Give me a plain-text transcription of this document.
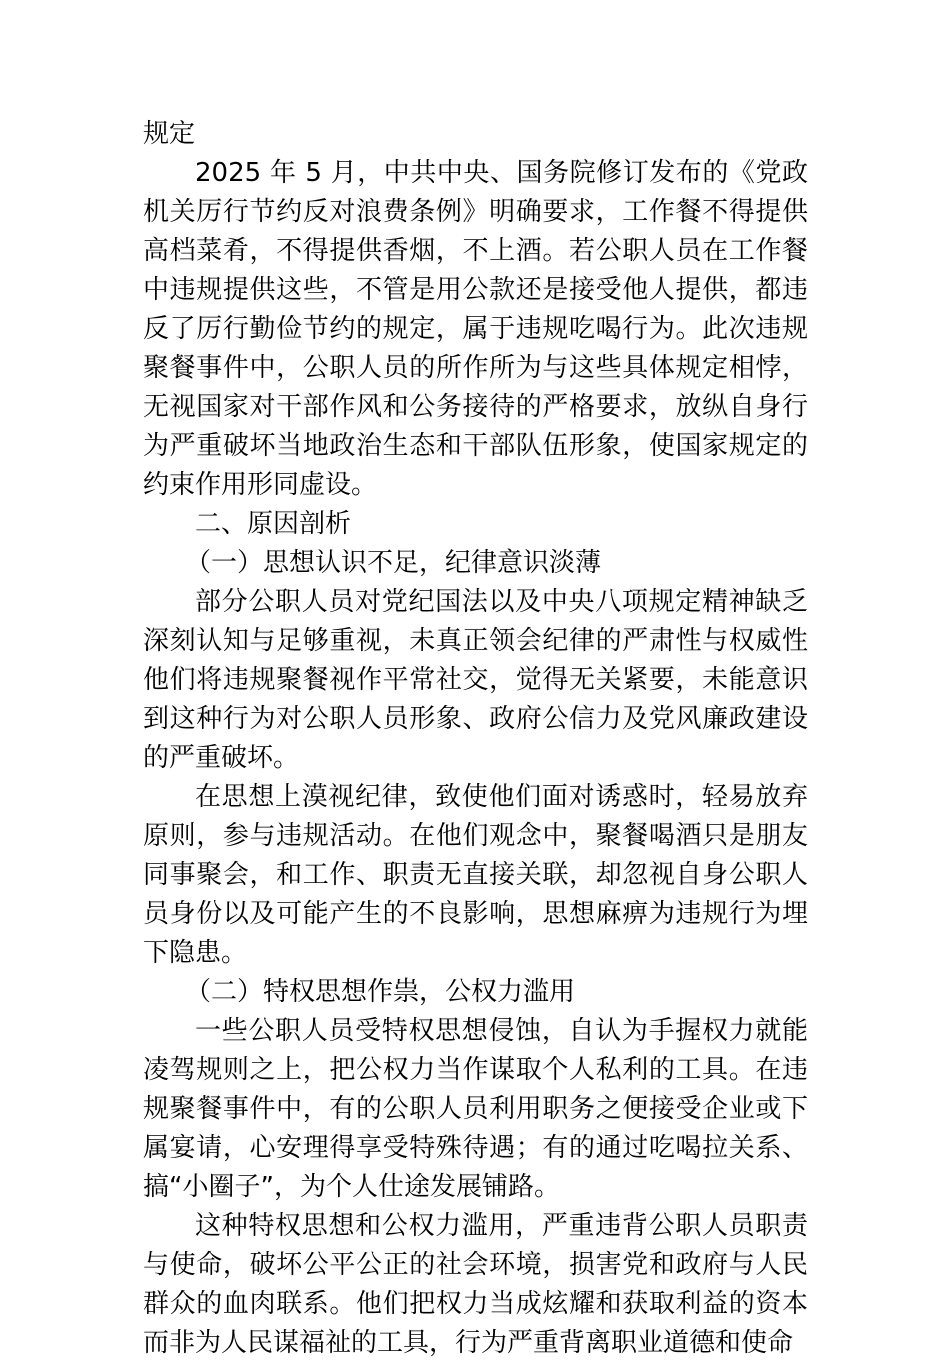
规定

2025 年 5 月，中共中央、国务院修订发布的《党政机关厉行节约反对浪费条例》明确要求，工作餐不得提供高档菜肴，不得提供香烟，不上酒。若公职人员在工作餐中违规提供这些，不管是用公款还是接受他人提供，都违反了厉行勤俭节约的规定，属于违规吃喝行为。此次违规聚餐事件中，公职人员的所作所为与这些具体规定相悖，无视国家对干部作风和公务接待的严格要求，放纵自身行为严重破坏当地政治生态和干部队伍形象，使国家规定的约束作用形同虚设。

二、原因剖析

（一）思想认识不足，纪律意识淡薄

部分公职人员对党纪国法以及中央八项规定精神缺乏深刻认知与足够重视，未真正领会纪律的严肃性与权威性他们将违规聚餐视作平常社交，觉得无关紧要，未能意识到这种行为对公职人员形象、政府公信力及党风廉政建设的严重破坏。

在思想上漠视纪律，致使他们面对诱惑时，轻易放弃原则，参与违规活动。在他们观念中，聚餐喝酒只是朋友同事聚会，和工作、职责无直接关联，却忽视自身公职人员身份以及可能产生的不良影响，思想麻痹为违规行为埋下隐患。

（二）特权思想作祟，公权力滥用

一些公职人员受特权思想侵蚀，自认为手握权力就能凌驾规则之上，把公权力当作谋取个人私利的工具。在违规聚餐事件中，有的公职人员利用职务之便接受企业或下属宴请，心安理得享受特殊待遇；有的通过吃喝拉关系、搞“小圈子”，为个人仕途发展铺路。

这种特权思想和公权力滥用，严重违背公职人员职责与使命，破坏公平公正的社会环境，损害党和政府与人民群众的血肉联系。他们把权力当成炫耀和获取利益的资本而非为人民谋福祉的工具，行为严重背离职业道德和使命
